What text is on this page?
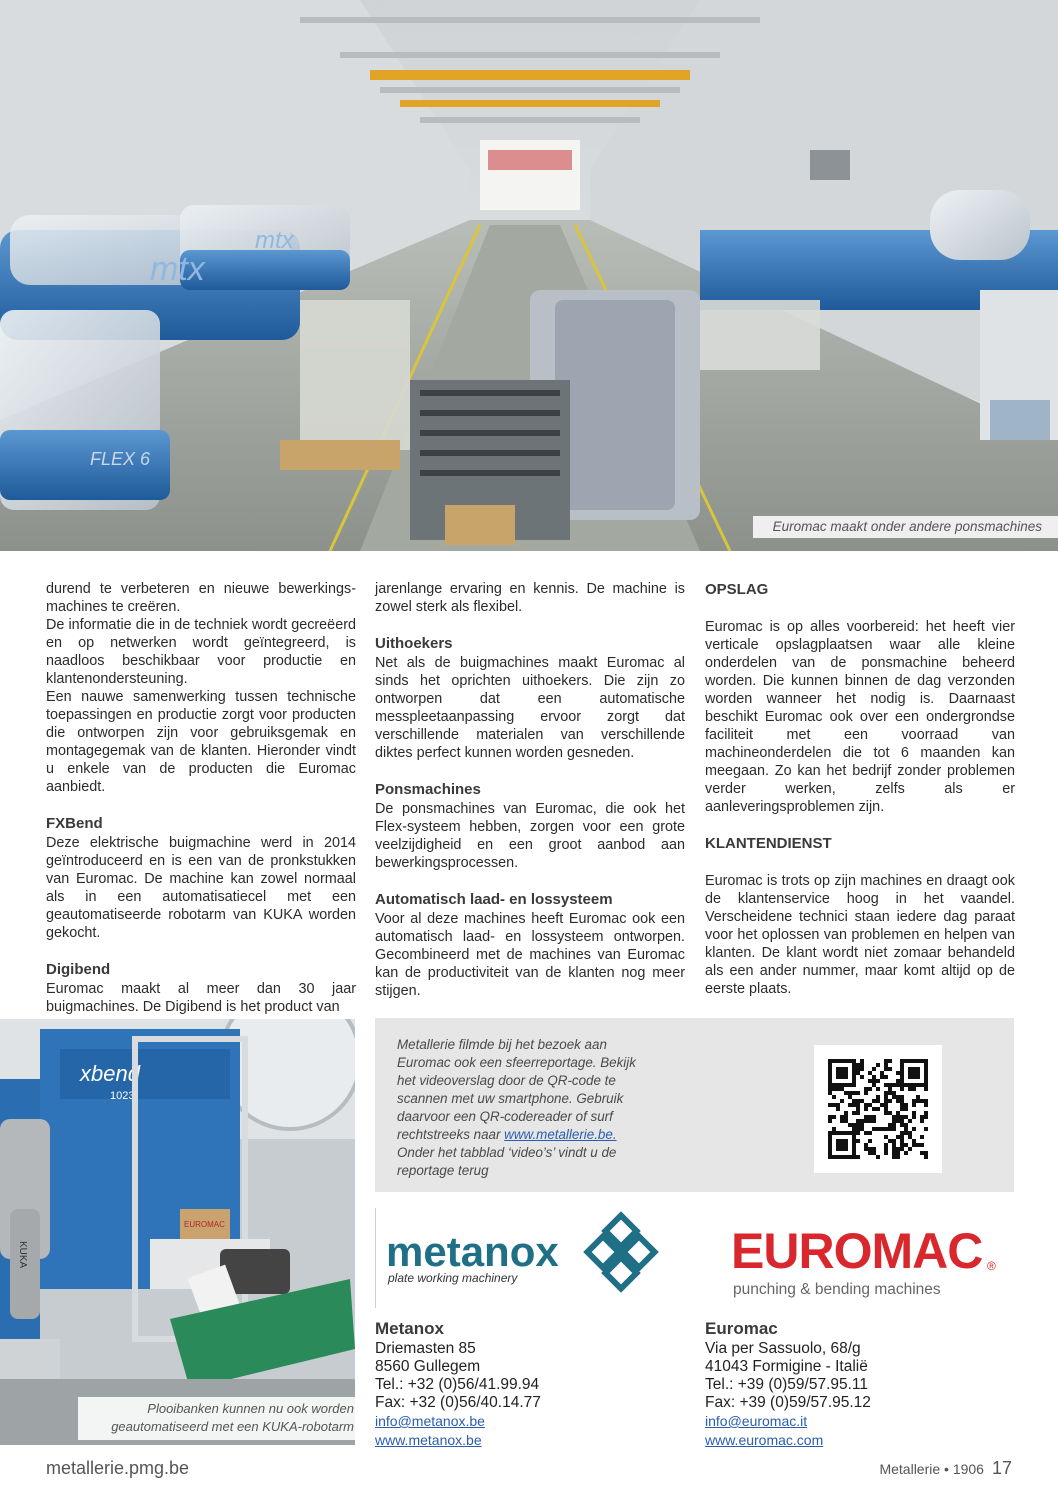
mtx
mtx
FLEX 6
Euromac maakt onder andere ponsmachines

durend te verbeteren en nieuwe bewerkings-machines te creëren.

De informatie die in de techniek wordt gecreëerd en op netwerken wordt geïntegreerd, is naadloos beschikbaar voor productie en klantenondersteuning.

Een nauwe samenwerking tussen technische toepassingen en productie zorgt voor producten die ontworpen zijn voor gebruiksgemak en montagegemak van de klanten. Hieronder vindt u enkele van de producten die Euromac aanbiedt.

FXBend

Deze elektrische buigmachine werd in 2014 geïntroduceerd en is een van de pronkstukken van Euromac. De machine kan zowel normaal als in een automatisatiecel met een geautomatiseerde robotarm van KUKA worden gekocht.

Digibend

Euromac maakt al meer dan 30 jaar buigmachines. De Digibend is het product van

jarenlange ervaring en kennis. De machine is zowel sterk als flexibel.

Uithoekers

Net als de buigmachines maakt Euromac al sinds het oprichten uithoekers. Die zijn zo ontworpen dat een automatische messpleetaanpassing ervoor zorgt dat verschillende materialen van verschillende diktes perfect kunnen worden gesneden.

Ponsmachines

De ponsmachines van Euromac, die ook het Flex-systeem hebben, zorgen voor een grote veelzijdigheid en een groot aanbod aan bewerkingsprocessen.

Automatisch laad- en lossysteem

Voor al deze machines heeft Euromac ook een automatisch laad- en lossysteem ontworpen. Gecombineerd met de machines van Euromac kan de productiviteit van de klanten nog meer stijgen.

OPSLAG

Euromac is op alles voorbereid: het heeft vier verticale opslagplaatsen waar alle kleine onderdelen van de ponsmachine beheerd worden. Die kunnen binnen de dag verzonden worden wanneer het nodig is. Daarnaast beschikt Euromac ook over een ondergrondse faciliteit met een voorraad van machineonderdelen die tot 6 maanden kan meegaan. Zo kan het bedrijf zonder problemen verder werken, zelfs als er aanleveringsproblemen zijn.

KLANTENDIENST

Euromac is trots op zijn machines en draagt ook de klantenservice hoog in het vaandel. Verscheidene technici staan iedere dag paraat voor het oplossen van problemen en helpen van klanten. De klant wordt niet zomaar behandeld als een ander nummer, maar komt altijd op de eerste plaats.

xbend
1023
KUKA
EUROMAC
Plooibanken kunnen nu ook worden geautomatiseerd met een KUKA-robotarm
Metallerie filmde bij het bezoek aan Euromac ook een sfeerreportage. Bekijk het videoverslag door de QR-code te scannen met uw smartphone. Gebruik daarvoor een QR-codereader of surf rechtstreeks naar www.metallerie.be. Onder het tabblad ‘video’s’ vindt u de reportage terug
metanox
plate working machinery	EUROMAC ®
punching & bending machines
Metanox
Driemasten 85
8560 Gullegem
Tel.: +32 (0)56/41.99.94
Fax: +32 (0)56/40.14.77
info@metanox.be
www.metanox.be
Euromac
Via per Sassuolo, 68/g
41043 Formigine - Italië
Tel.: +39 (0)59/57.95.11
Fax: +39 (0)59/57.95.12
info@euromac.it
www.euromac.com
metallerie.pmg.be	Metallerie • 1906 17
